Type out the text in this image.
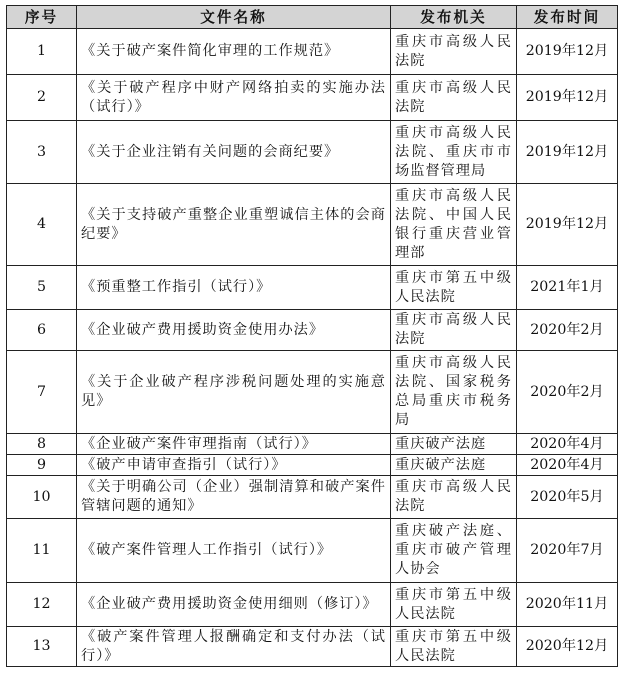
序号	文件名称	发布机关	发布时间
1	《关于破产案件简化审理的工作规范》	重庆市高级人民法院	2019年12月
2	《关于破产程序中财产网络拍卖的实施办法（试行）》	重庆市高级人民法院	2019年12月
3	《关于企业注销有关问题的会商纪要》	重庆市高级人民法院、重庆市市场监督管理局	2019年12月
4	《关于支持破产重整企业重塑诚信主体的会商纪要》	重庆市高级人民法院、中国人民银行重庆营业管理部	2019年12月
5	《预重整工作指引（试行）》	重庆市第五中级人民法院	2021年1月
6	《企业破产费用援助资金使用办法》	重庆市高级人民法院	2020年2月
7	《关于企业破产程序涉税问题处理的实施意见》	重庆市高级人民法院、国家税务总局重庆市税务局	2020年2月
8	《企业破产案件审理指南（试行）》	重庆破产法庭	2020年4月
9	《破产申请审查指引（试行）》	重庆破产法庭	2020年4月
10	《关于明确公司（企业）强制清算和破产案件管辖问题的通知》	重庆市高级人民法院	2020年5月
11	《破产案件管理人工作指引（试行）》	重庆破产法庭、重庆市破产管理人协会	2020年7月
12	《企业破产费用援助资金使用细则（修订）》	重庆市第五中级人民法院	2020年11月
13	《破产案件管理人报酬确定和支付办法（试行）》	重庆市第五中级人民法院	2020年12月
